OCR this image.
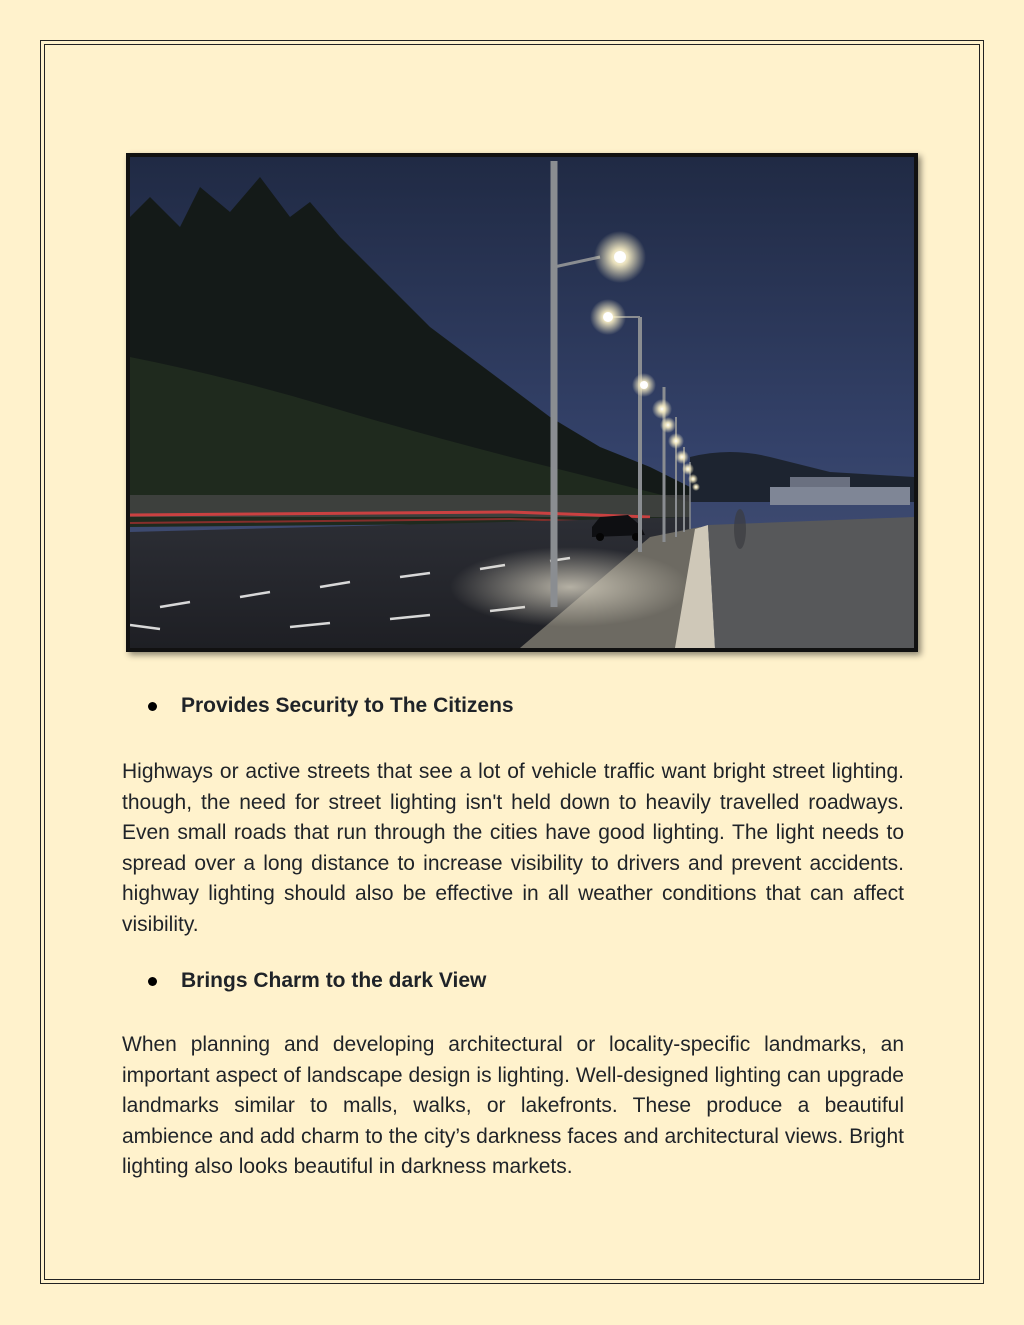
Provides Security to The Citizens

Highways or active streets that see a lot of vehicle traffic want bright street lighting. though, the need for street lighting isn't held down to heavily travelled roadways. Even small roads that run through the cities have good lighting. The light needs to spread over a long distance to increase visibility to drivers and prevent accidents. highway lighting should also be effective in all weather conditions that can affect visibility.

Brings Charm to the dark View

When planning and developing architectural or locality-specific landmarks, an important aspect of landscape design is lighting. Well-designed lighting can upgrade landmarks similar to malls, walks, or lakefronts. These produce a beautiful ambience and add charm to the city’s darkness faces and architectural views. Bright lighting also looks beautiful in darkness markets.
